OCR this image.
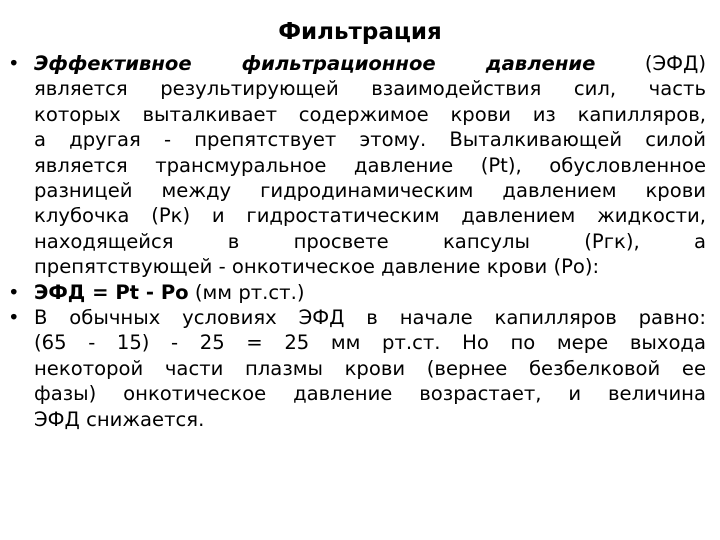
Фильтрация
• Эффективное фильтрационное давление (ЭФД)
является результирующей взаимодействия сил, часть
которых выталкивает содержимое крови из капилляров,
а другая - препятствует этому. Выталкивающей силой
является трансмуральное давление (Pt), обусловленное
разницей между гидродинамическим давлением крови
клубочка (Рк) и гидростатическим давлением жидкости,
находящейся в просвете капсулы (Ргк), а
препятствующей - онкотическое давление крови (Ро):
• ЭФД = Pt - Po (мм рт.ст.)
• В обычных условиях ЭФД в начале капилляров равно:
(65 - 15) - 25 = 25 мм рт.ст. Но по мере выхода
некоторой части плазмы крови (вернее безбелковой ее
фазы) онкотическое давление возрастает, и величина
ЭФД снижается.
